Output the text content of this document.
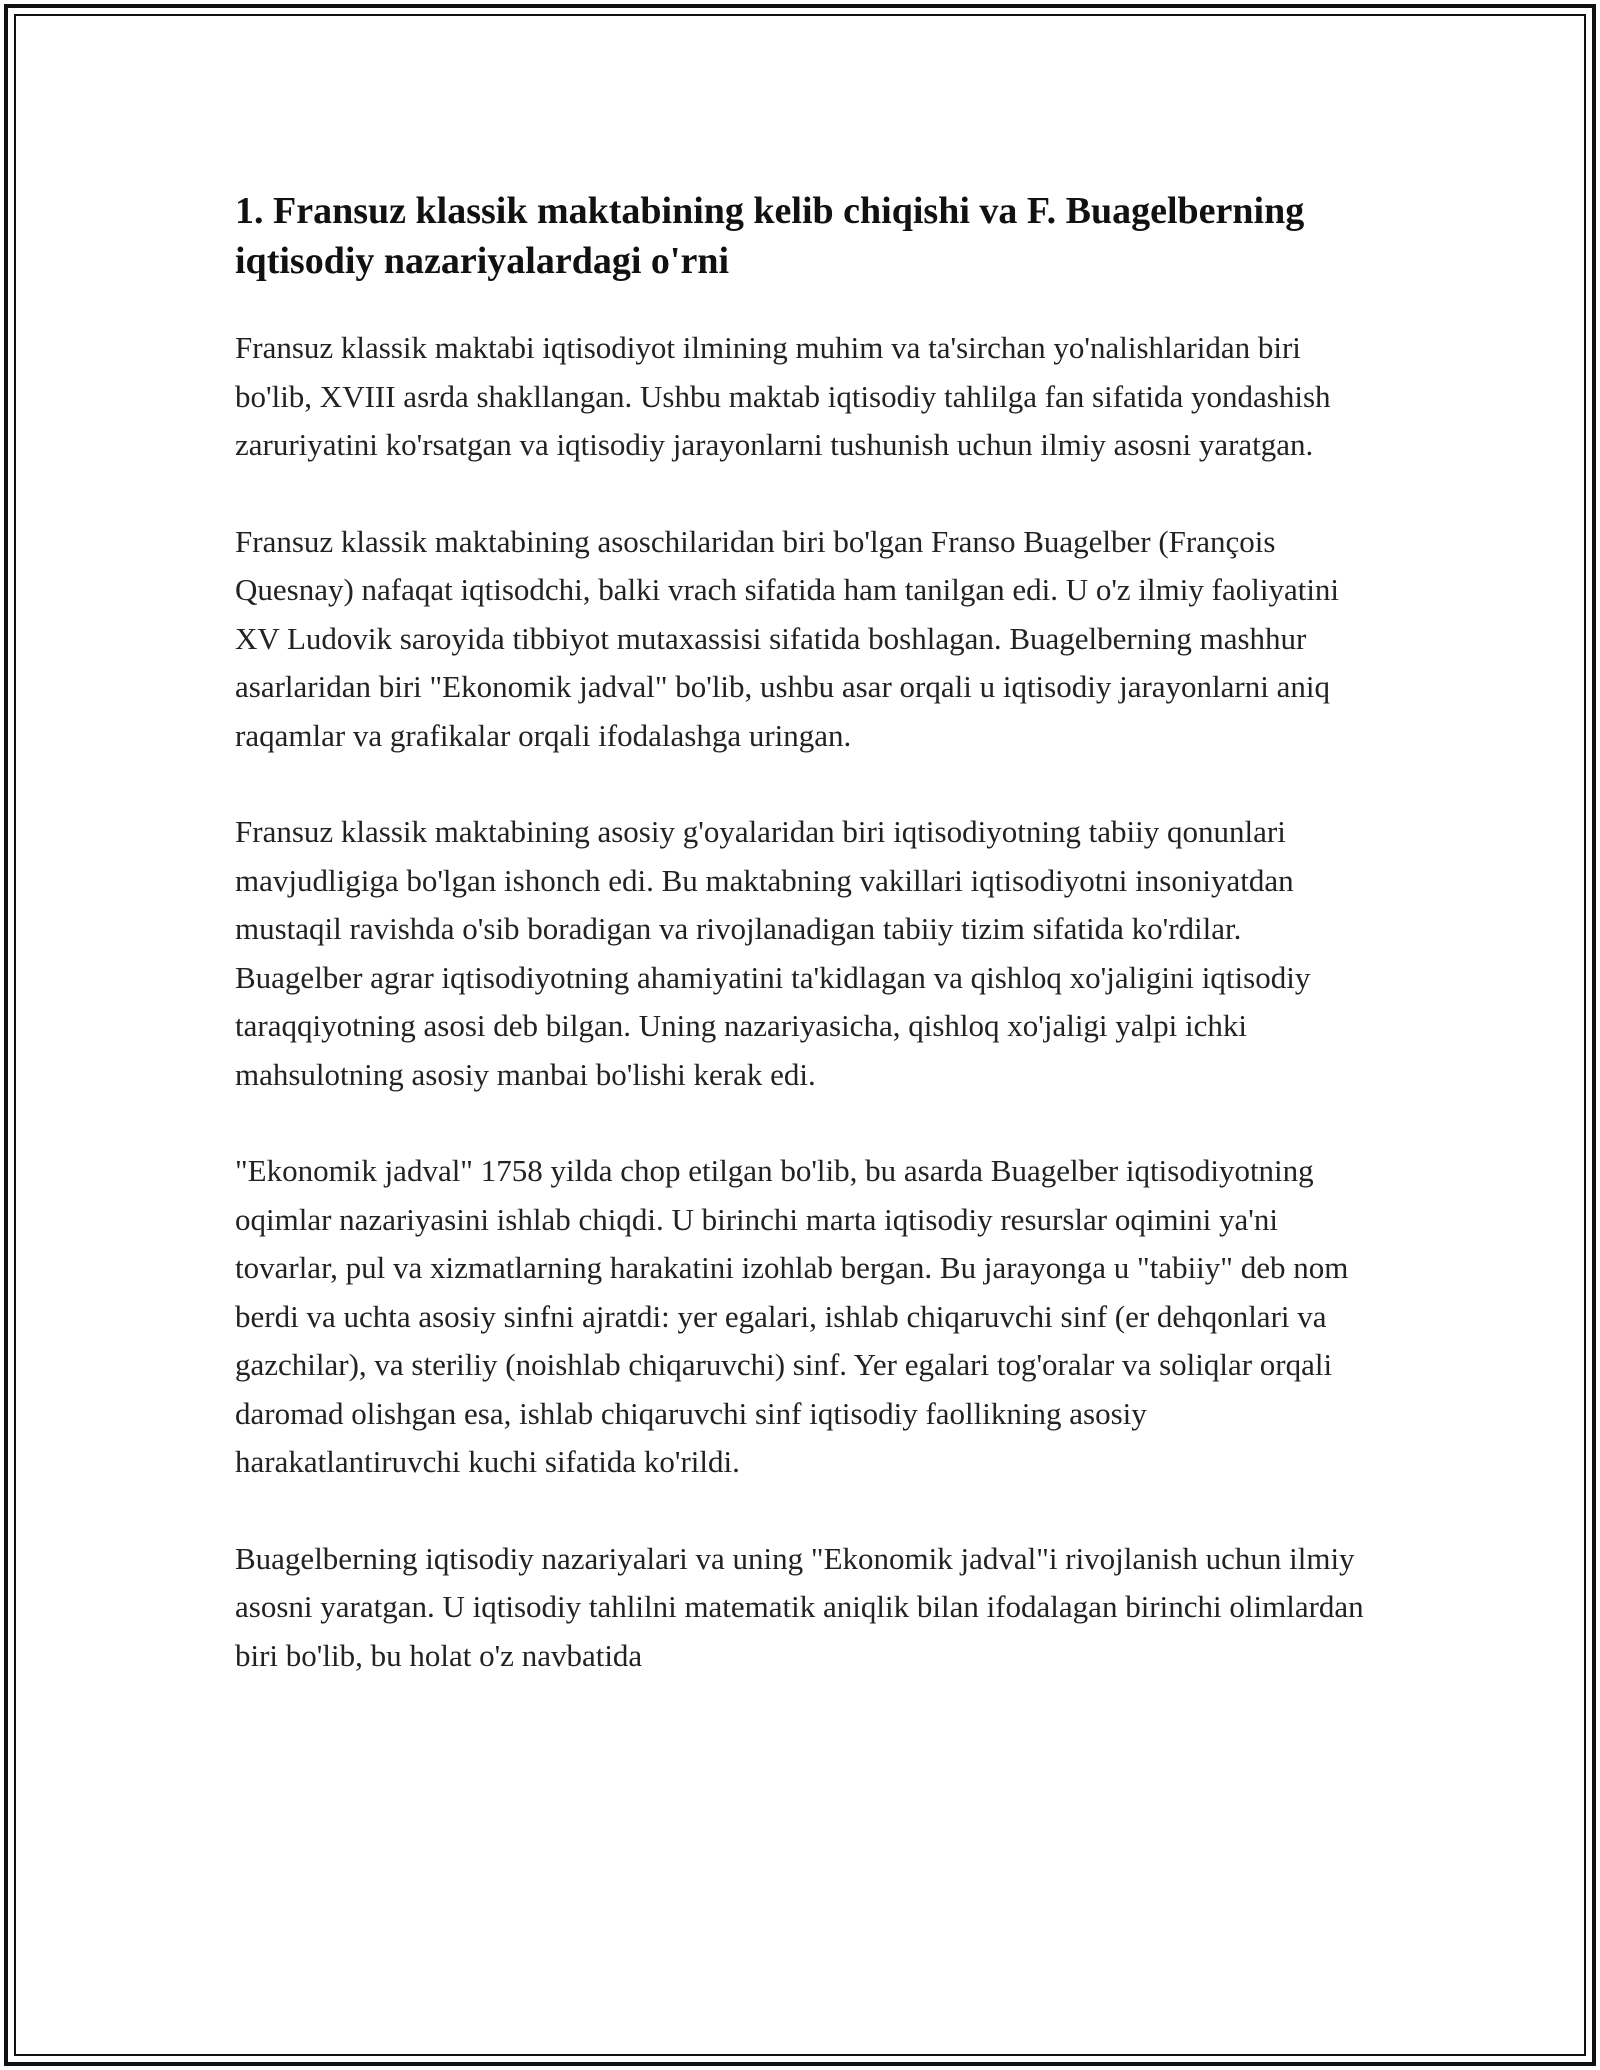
1. Fransuz klassik maktabining kelib chiqishi va F. Buagelberning iqtisodiy nazariyalardagi o'rni

Fransuz klassik maktabi iqtisodiyot ilmining muhim va ta'sirchan yo'nalishlaridan biri bo'lib, XVIII asrda shakllangan. Ushbu maktab iqtisodiy tahlilga fan sifatida yondashish zaruriyatini ko'rsatgan va iqtisodiy jarayonlarni tushunish uchun ilmiy asosni yaratgan.

Fransuz klassik maktabining asoschilaridan biri bo'lgan Franso Buagelber (François Quesnay) nafaqat iqtisodchi, balki vrach sifatida ham tanilgan edi. U o'z ilmiy faoliyatini XV Ludovik saroyida tibbiyot mutaxassisi sifatida boshlagan. Buagelberning mashhur asarlaridan biri "Ekonomik jadval" bo'lib, ushbu asar orqali u iqtisodiy jarayonlarni aniq raqamlar va grafikalar orqali ifodalashga uringan.

Fransuz klassik maktabining asosiy g'oyalaridan biri iqtisodiyotning tabiiy qonunlari mavjudligiga bo'lgan ishonch edi. Bu maktabning vakillari iqtisodiyotni insoniyatdan mustaqil ravishda o'sib boradigan va rivojlanadigan tabiiy tizim sifatida ko'rdilar. Buagelber agrar iqtisodiyotning ahamiyatini ta'kidlagan va qishloq xo'jaligini iqtisodiy taraqqiyotning asosi deb bilgan. Uning nazariyasicha, qishloq xo'jaligi yalpi ichki mahsulotning asosiy manbai bo'lishi kerak edi.

"Ekonomik jadval" 1758 yilda chop etilgan bo'lib, bu asarda Buagelber iqtisodiyotning oqimlar nazariyasini ishlab chiqdi. U birinchi marta iqtisodiy resurslar oqimini ya'ni tovarlar, pul va xizmatlarning harakatini izohlab bergan. Bu jarayonga u "tabiiy" deb nom berdi va uchta asosiy sinfni ajratdi: yer egalari, ishlab chiqaruvchi sinf (er dehqonlari va gazchilar), va steriliy (noishlab chiqaruvchi) sinf. Yer egalari tog'oralar va soliqlar orqali daromad olishgan esa, ishlab chiqaruvchi sinf iqtisodiy faollikning asosiy harakatlantiruvchi kuchi sifatida ko'rildi.

Buagelberning iqtisodiy nazariyalari va uning "Ekonomik jadval"i rivojlanish uchun ilmiy asosni yaratgan. U iqtisodiy tahlilni matematik aniqlik bilan ifodalagan birinchi olimlardan biri bo'lib, bu holat o'z navbatida
